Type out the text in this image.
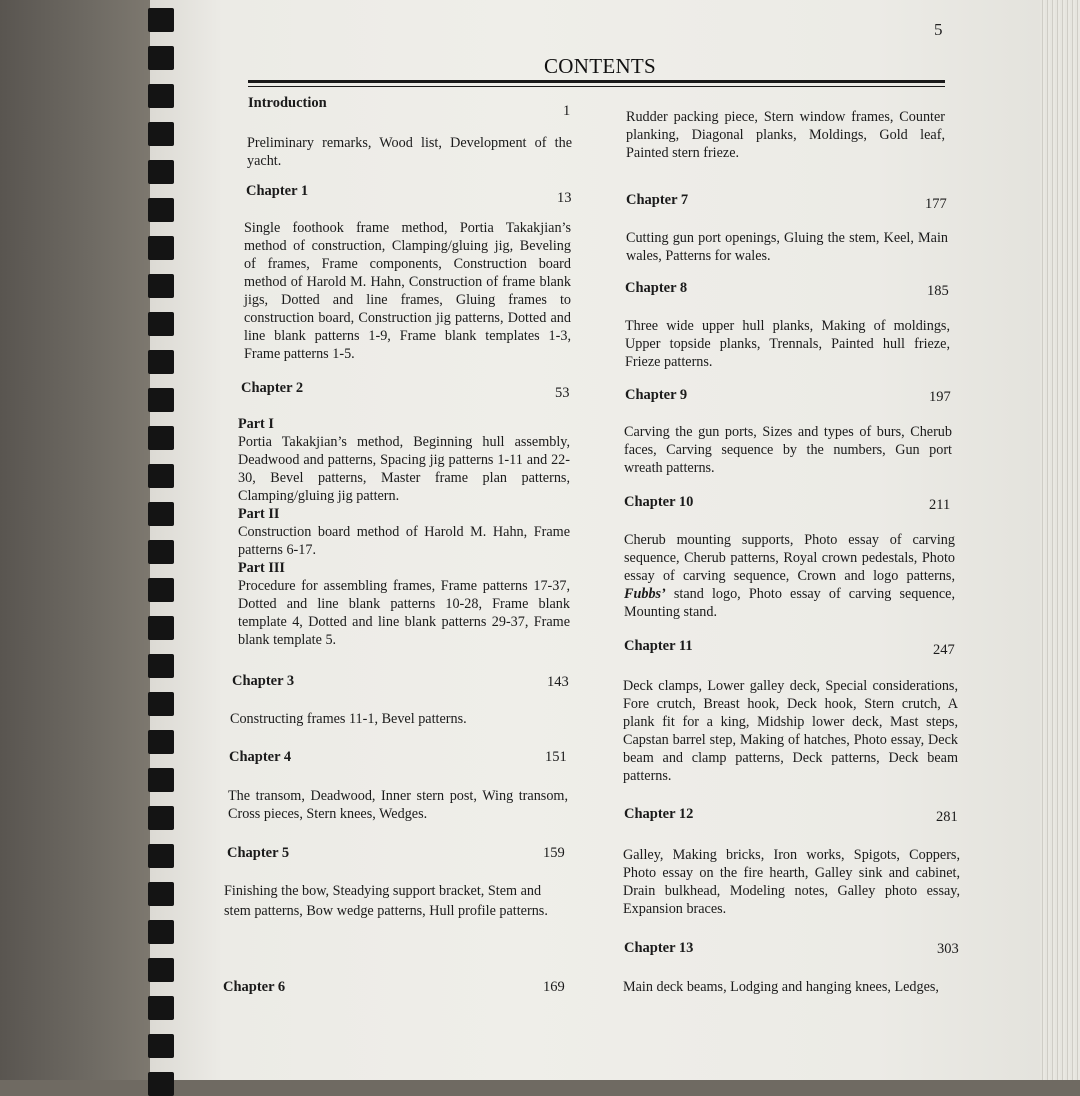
5
CONTENTS
Introduction	1

Preliminary remarks, Wood list, Development of the yacht.

Chapter 1	13

Single foothook frame method, Portia Takakjian’s method of construction, Clamping/gluing jig, Beveling of frames, Frame components, Construction board method of Harold M. Hahn, Construction of frame blank jigs, Dotted and line frames, Gluing frames to construction board, Construction jig patterns, Dotted and line blank patterns 1-9, Frame blank templates 1-3, Frame patterns 1-5.

Chapter 2	53
Part I
Portia Takakjian’s method, Beginning hull assembly, Deadwood and patterns, Spacing jig patterns 1-11 and 22-30, Bevel patterns, Master frame plan patterns, Clamping/gluing jig pattern.
Part II
Construction board method of Harold M. Hahn, Frame patterns 6-17.
Part III
Procedure for assembling frames, Frame patterns 17-37, Dotted and line blank patterns 10-28, Frame blank template 4, Dotted and line blank patterns 29-37, Frame blank template 5.
Chapter 3	143

Constructing frames 11-1, Bevel patterns.

Chapter 4	151

The transom, Deadwood, Inner stern post, Wing transom, Cross pieces, Stern knees, Wedges.

Chapter 5	159
Finishing the bow, Steadying support bracket, Stem and
stem patterns, Bow wedge patterns, Hull profile patterns.
Chapter 6	169

Rudder packing piece, Stern window frames, Counter planking, Diagonal planks, Moldings, Gold leaf, Painted stern frieze.

Chapter 7	177

Cutting gun port openings, Gluing the stem, Keel, Main wales, Patterns for wales.

Chapter 8	185

Three wide upper hull planks, Making of moldings, Upper topside planks, Trennals, Painted hull frieze, Frieze patterns.

Chapter 9	197

Carving the gun ports, Sizes and types of burs, Cherub faces, Carving sequence by the numbers, Gun port wreath patterns.

Chapter 10	211

Cherub mounting supports, Photo essay of carving sequence, Cherub patterns, Royal crown pedestals, Photo essay of carving sequence, Crown and logo patterns, Fubbs’ stand logo, Photo essay of carving sequence, Mounting stand.

Chapter 11	247

Deck clamps, Lower galley deck, Special considerations, Fore crutch, Breast hook, Deck hook, Stern crutch, A plank fit for a king, Midship lower deck, Mast steps, Capstan barrel step, Making of hatches, Photo essay, Deck beam and clamp patterns, Deck patterns, Deck beam patterns.

Chapter 12	281

Galley, Making bricks, Iron works, Spigots, Coppers, Photo essay on the fire hearth, Galley sink and cabinet, Drain bulkhead, Modeling notes, Galley photo essay, Expansion braces.

Chapter 13	303

Main deck beams, Lodging and hanging knees, Ledges,
